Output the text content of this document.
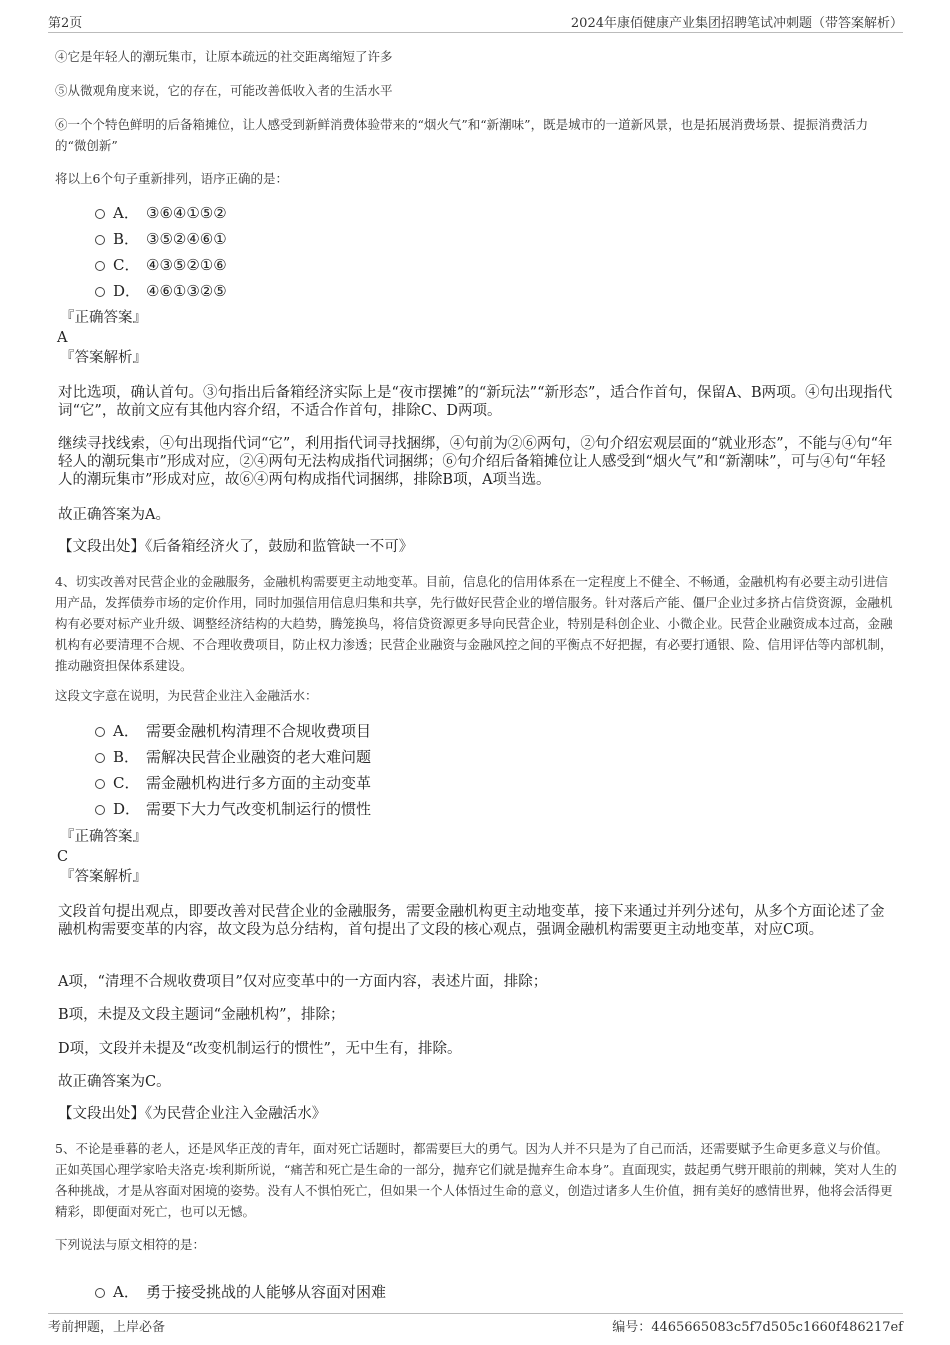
第2页	2024年康佰健康产业集团招聘笔试冲刺题（带答案解析）
④它是年轻人的潮玩集市，让原本疏远的社交距离缩短了许多
⑤从微观角度来说，它的存在，可能改善低收入者的生活水平
⑥一个个特色鲜明的后备箱摊位，让人感受到新鲜消费体验带来的“烟火气”和“新潮味”，既是城市的一道新风景，也是拓展消费场景、提振消费活力的“微创新”
将以上6个句子重新排列，语序正确的是：
A． ③⑥④①⑤②
B． ③⑤②④⑥①
C． ④③⑤②①⑥
D． ④⑥①③②⑤
『正确答案』
A
『答案解析』
对比选项，确认首句。③句指出后备箱经济实际上是“夜市摆摊”的“新玩法”“新形态”，适合作首句，保留A、B两项。④句出现指代词“它”，故前文应有其他内容介绍，不适合作首句，排除C、D两项。
继续寻找线索，④句出现指代词“它”，利用指代词寻找捆绑，④句前为②⑥两句，②句介绍宏观层面的“就业形态”，不能与④句“年轻人的潮玩集市”形成对应，②④两句无法构成指代词捆绑；⑥句介绍后备箱摊位让人感受到“烟火气”和“新潮味”，可与④句“年轻人的潮玩集市”形成对应，故⑥④两句构成指代词捆绑，排除B项，A项当选。
故正确答案为A。
【文段出处】《后备箱经济火了，鼓励和监管缺一不可》
4、切实改善对民营企业的金融服务，金融机构需要更主动地变革。目前，信息化的信用体系在一定程度上不健全、不畅通，金融机构有必要主动引进信用产品，发挥债券市场的定价作用，同时加强信用信息归集和共享，先行做好民营企业的增信服务。针对落后产能、僵尸企业过多挤占信贷资源，金融机构有必要对标产业升级、调整经济结构的大趋势，腾笼换鸟，将信贷资源更多导向民营企业，特别是科创企业、小微企业。民营企业融资成本过高，金融机构有必要清理不合规、不合理收费项目，防止权力渗透；民营企业融资与金融风控之间的平衡点不好把握，有必要打通银、险、信用评估等内部机制，推动融资担保体系建设。
这段文字意在说明，为民营企业注入金融活水：
A． 需要金融机构清理不合规收费项目
B． 需解决民营企业融资的老大难问题
C． 需金融机构进行多方面的主动变革
D． 需要下大力气改变机制运行的惯性
『正确答案』
C
『答案解析』
文段首句提出观点，即要改善对民营企业的金融服务，需要金融机构更主动地变革，接下来通过并列分述句，从多个方面论述了金融机构需要变革的内容，故文段为总分结构，首句提出了文段的核心观点，强调金融机构需要更主动地变革，对应C项。
A项，“清理不合规收费项目”仅对应变革中的一方面内容，表述片面，排除；
B项，未提及文段主题词“金融机构”，排除；
D项，文段并未提及“改变机制运行的惯性”，无中生有，排除。
故正确答案为C。
【文段出处】《为民营企业注入金融活水》
5、不论是垂暮的老人，还是风华正茂的青年，面对死亡话题时，都需要巨大的勇气。因为人并不只是为了自己而活，还需要赋予生命更多意义与价值。正如英国心理学家哈夫洛克·埃利斯所说，“痛苦和死亡是生命的一部分，抛弃它们就是抛弃生命本身”。直面现实，鼓起勇气劈开眼前的荆棘，笑对人生的各种挑战，才是从容面对困境的姿势。没有人不惧怕死亡，但如果一个人体悟过生命的意义，创造过诸多人生价值，拥有美好的感情世界，他将会活得更精彩，即便面对死亡，也可以无憾。
下列说法与原文相符的是：
A． 勇于接受挑战的人能够从容面对困难
考前押题，上岸必备	编号：4465665083c5f7d505c1660f486217ef
